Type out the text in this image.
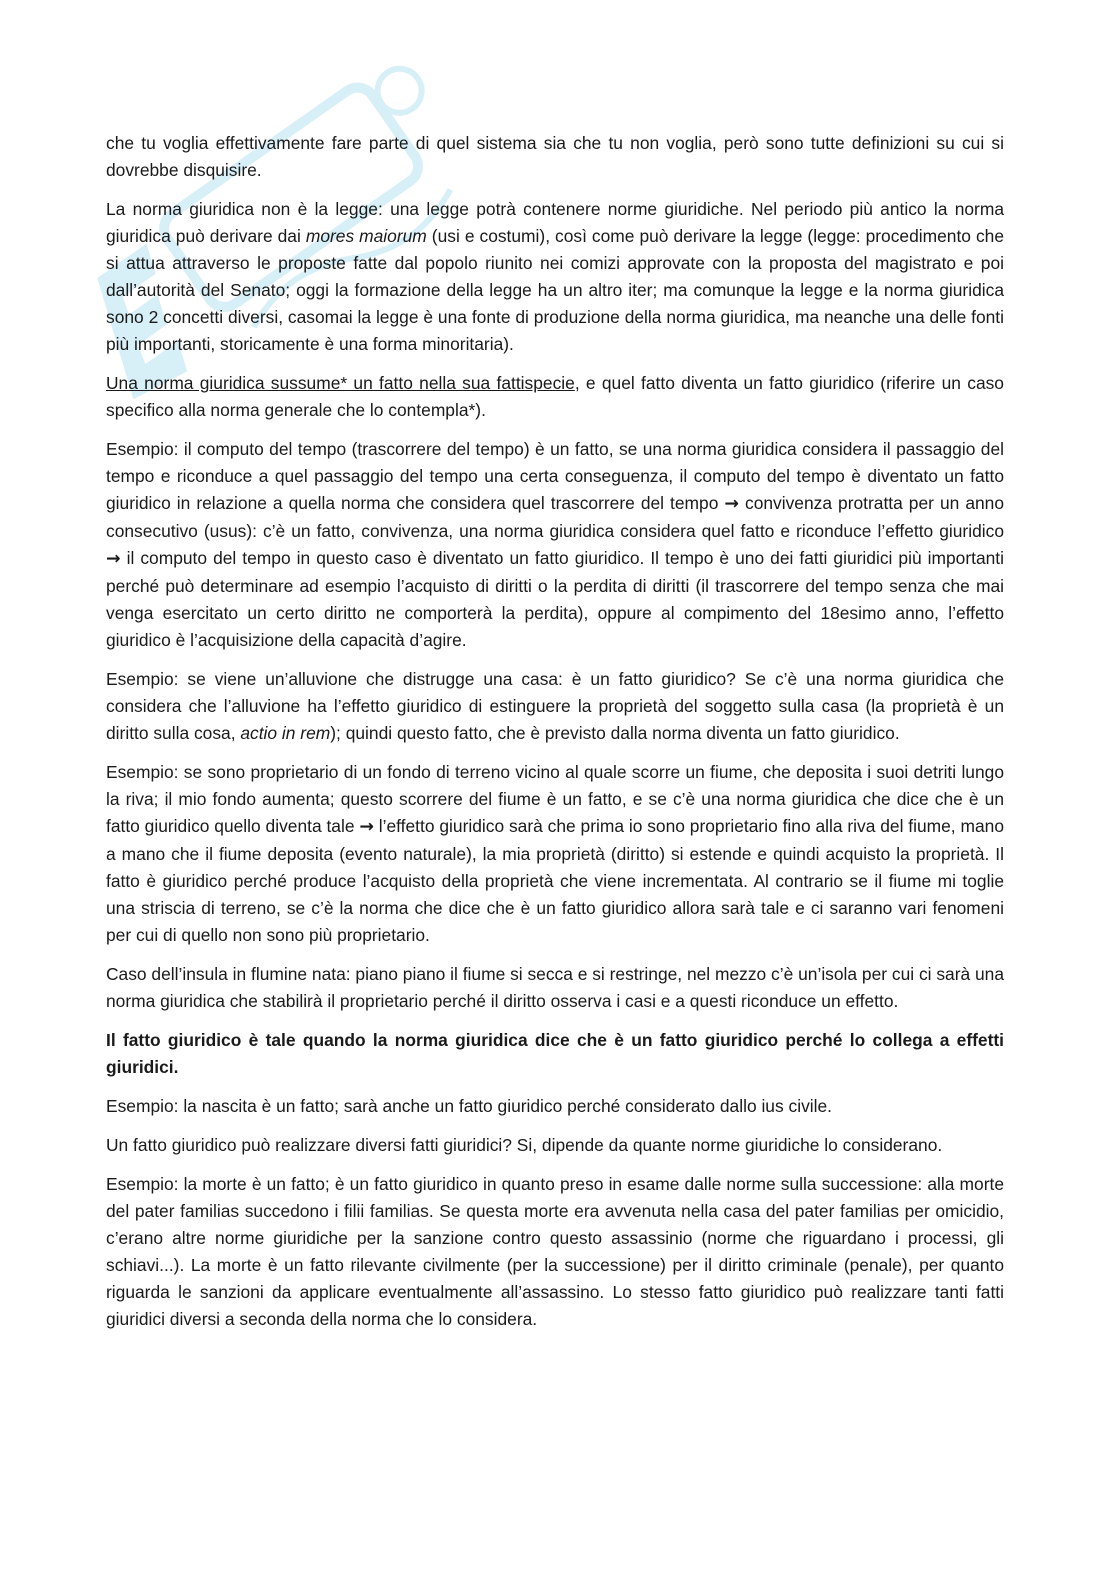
che tu voglia effettivamente fare parte di quel sistema sia che tu non voglia, però sono tutte definizioni su cui si dovrebbe disquisire.

La norma giuridica non è la legge: una legge potrà contenere norme giuridiche. Nel periodo più antico la norma giuridica può derivare dai mores maiorum (usi e costumi), così come può derivare la legge (legge: procedimento che si attua attraverso le proposte fatte dal popolo riunito nei comizi approvate con la proposta del magistrato e poi dall’autorità del Senato; oggi la formazione della legge ha un altro iter; ma comunque la legge e la norma giuridica sono 2 concetti diversi, casomai la legge è una fonte di produzione della norma giuridica, ma neanche una delle fonti più importanti, storicamente è una forma minoritaria).

Una norma giuridica sussume* un fatto nella sua fattispecie, e quel fatto diventa un fatto giuridico (riferire un caso specifico alla norma generale che lo contempla*).

Esempio: il computo del tempo (trascorrere del tempo) è un fatto, se una norma giuridica considera il passaggio del tempo e riconduce a quel passaggio del tempo una certa conseguenza, il computo del tempo è diventato un fatto giuridico in relazione a quella norma che considera quel trascorrere del tempo → convivenza protratta per un anno consecutivo (usus): c’è un fatto, convivenza, una norma giuridica considera quel fatto e riconduce l’effetto giuridico → il computo del tempo in questo caso è diventato un fatto giuridico. Il tempo è uno dei fatti giuridici più importanti perché può determinare ad esempio l’acquisto di diritti o la perdita di diritti (il trascorrere del tempo senza che mai venga esercitato un certo diritto ne comporterà la perdita), oppure al compimento del 18esimo anno, l’effetto giuridico è l’acquisizione della capacità d’agire.

Esempio: se viene un’alluvione che distrugge una casa: è un fatto giuridico? Se c’è una norma giuridica che considera che l’alluvione ha l’effetto giuridico di estinguere la proprietà del soggetto sulla casa (la proprietà è un diritto sulla cosa, actio in rem); quindi questo fatto, che è previsto dalla norma diventa un fatto giuridico.

Esempio: se sono proprietario di un fondo di terreno vicino al quale scorre un fiume, che deposita i suoi detriti lungo la riva; il mio fondo aumenta; questo scorrere del fiume è un fatto, e se c’è una norma giuridica che dice che è un fatto giuridico quello diventa tale → l’effetto giuridico sarà che prima io sono proprietario fino alla riva del fiume, mano a mano che il fiume deposita (evento naturale), la mia proprietà (diritto) si estende e quindi acquisto la proprietà. Il fatto è giuridico perché produce l’acquisto della proprietà che viene incrementata. Al contrario se il fiume mi toglie una striscia di terreno, se c’è la norma che dice che è un fatto giuridico allora sarà tale e ci saranno vari fenomeni per cui di quello non sono più proprietario.

Caso dell’insula in flumine nata: piano piano il fiume si secca e si restringe, nel mezzo c’è un’isola per cui ci sarà una norma giuridica che stabilirà il proprietario perché il diritto osserva i casi e a questi riconduce un effetto.

Il fatto giuridico è tale quando la norma giuridica dice che è un fatto giuridico perché lo collega a effetti giuridici.

Esempio: la nascita è un fatto; sarà anche un fatto giuridico perché considerato dallo ius civile.

Un fatto giuridico può realizzare diversi fatti giuridici? Si, dipende da quante norme giuridiche lo considerano.

Esempio: la morte è un fatto; è un fatto giuridico in quanto preso in esame dalle norme sulla successione: alla morte del pater familias succedono i filii familias. Se questa morte era avvenuta nella casa del pater familias per omicidio, c’erano altre norme giuridiche per la sanzione contro questo assassinio (norme che riguardano i processi, gli schiavi...). La morte è un fatto rilevante civilmente (per la successione) per il diritto criminale (penale), per quanto riguarda le sanzioni da applicare eventualmente all’assassino. Lo stesso fatto giuridico può realizzare tanti fatti giuridici diversi a seconda della norma che lo considera.
